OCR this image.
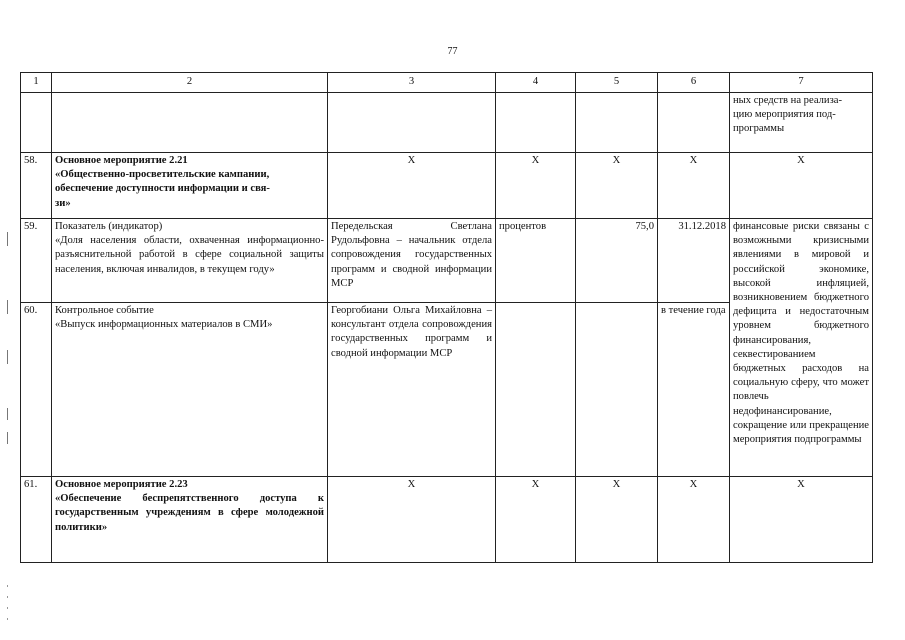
77
1	2	3	4	5	6	7
						ных средств на реализа-
цию мероприятия под-
программы
58.	Основное мероприятие 2.21
«Общественно-просветительские кампании, обеспечение доступности информации и свя-
зи»	Х	Х	Х	Х	Х
59.	Показатель (индикатор)
«Доля населения области, охваченная информационно-разъяснительной работой в сфере социальной защиты населения, включая инвалидов, в текущем году»	Передельская Светлана Рудольфовна – начальник отдела сопровождения государственных программ и сводной информации МСР	процентов	75,0	31.12.2018	финансовые риски связаны с возможными кризисными явлениями в мировой и российской экономике, высокой инфляцией, возникновением бюджетного дефицита и недостаточным уровнем бюджетного финансирования, секвестированием бюджетных расходов на социальную сферу, что может повлечь недофинансирование, сокращение или прекращение мероприятия подпрограммы
60.	Контрольное событие
«Выпуск информационных материалов в СМИ»	Георгобиани Ольга Михайловна – консультант отдела сопровождения государственных программ и сводной информации МСР			в течение года	
61.	Основное мероприятие 2.23
«Обеспечение беспрепятственного доступа к государственным учреждениям в сфере молодежной политики»	Х	Х	Х	Х	Х
